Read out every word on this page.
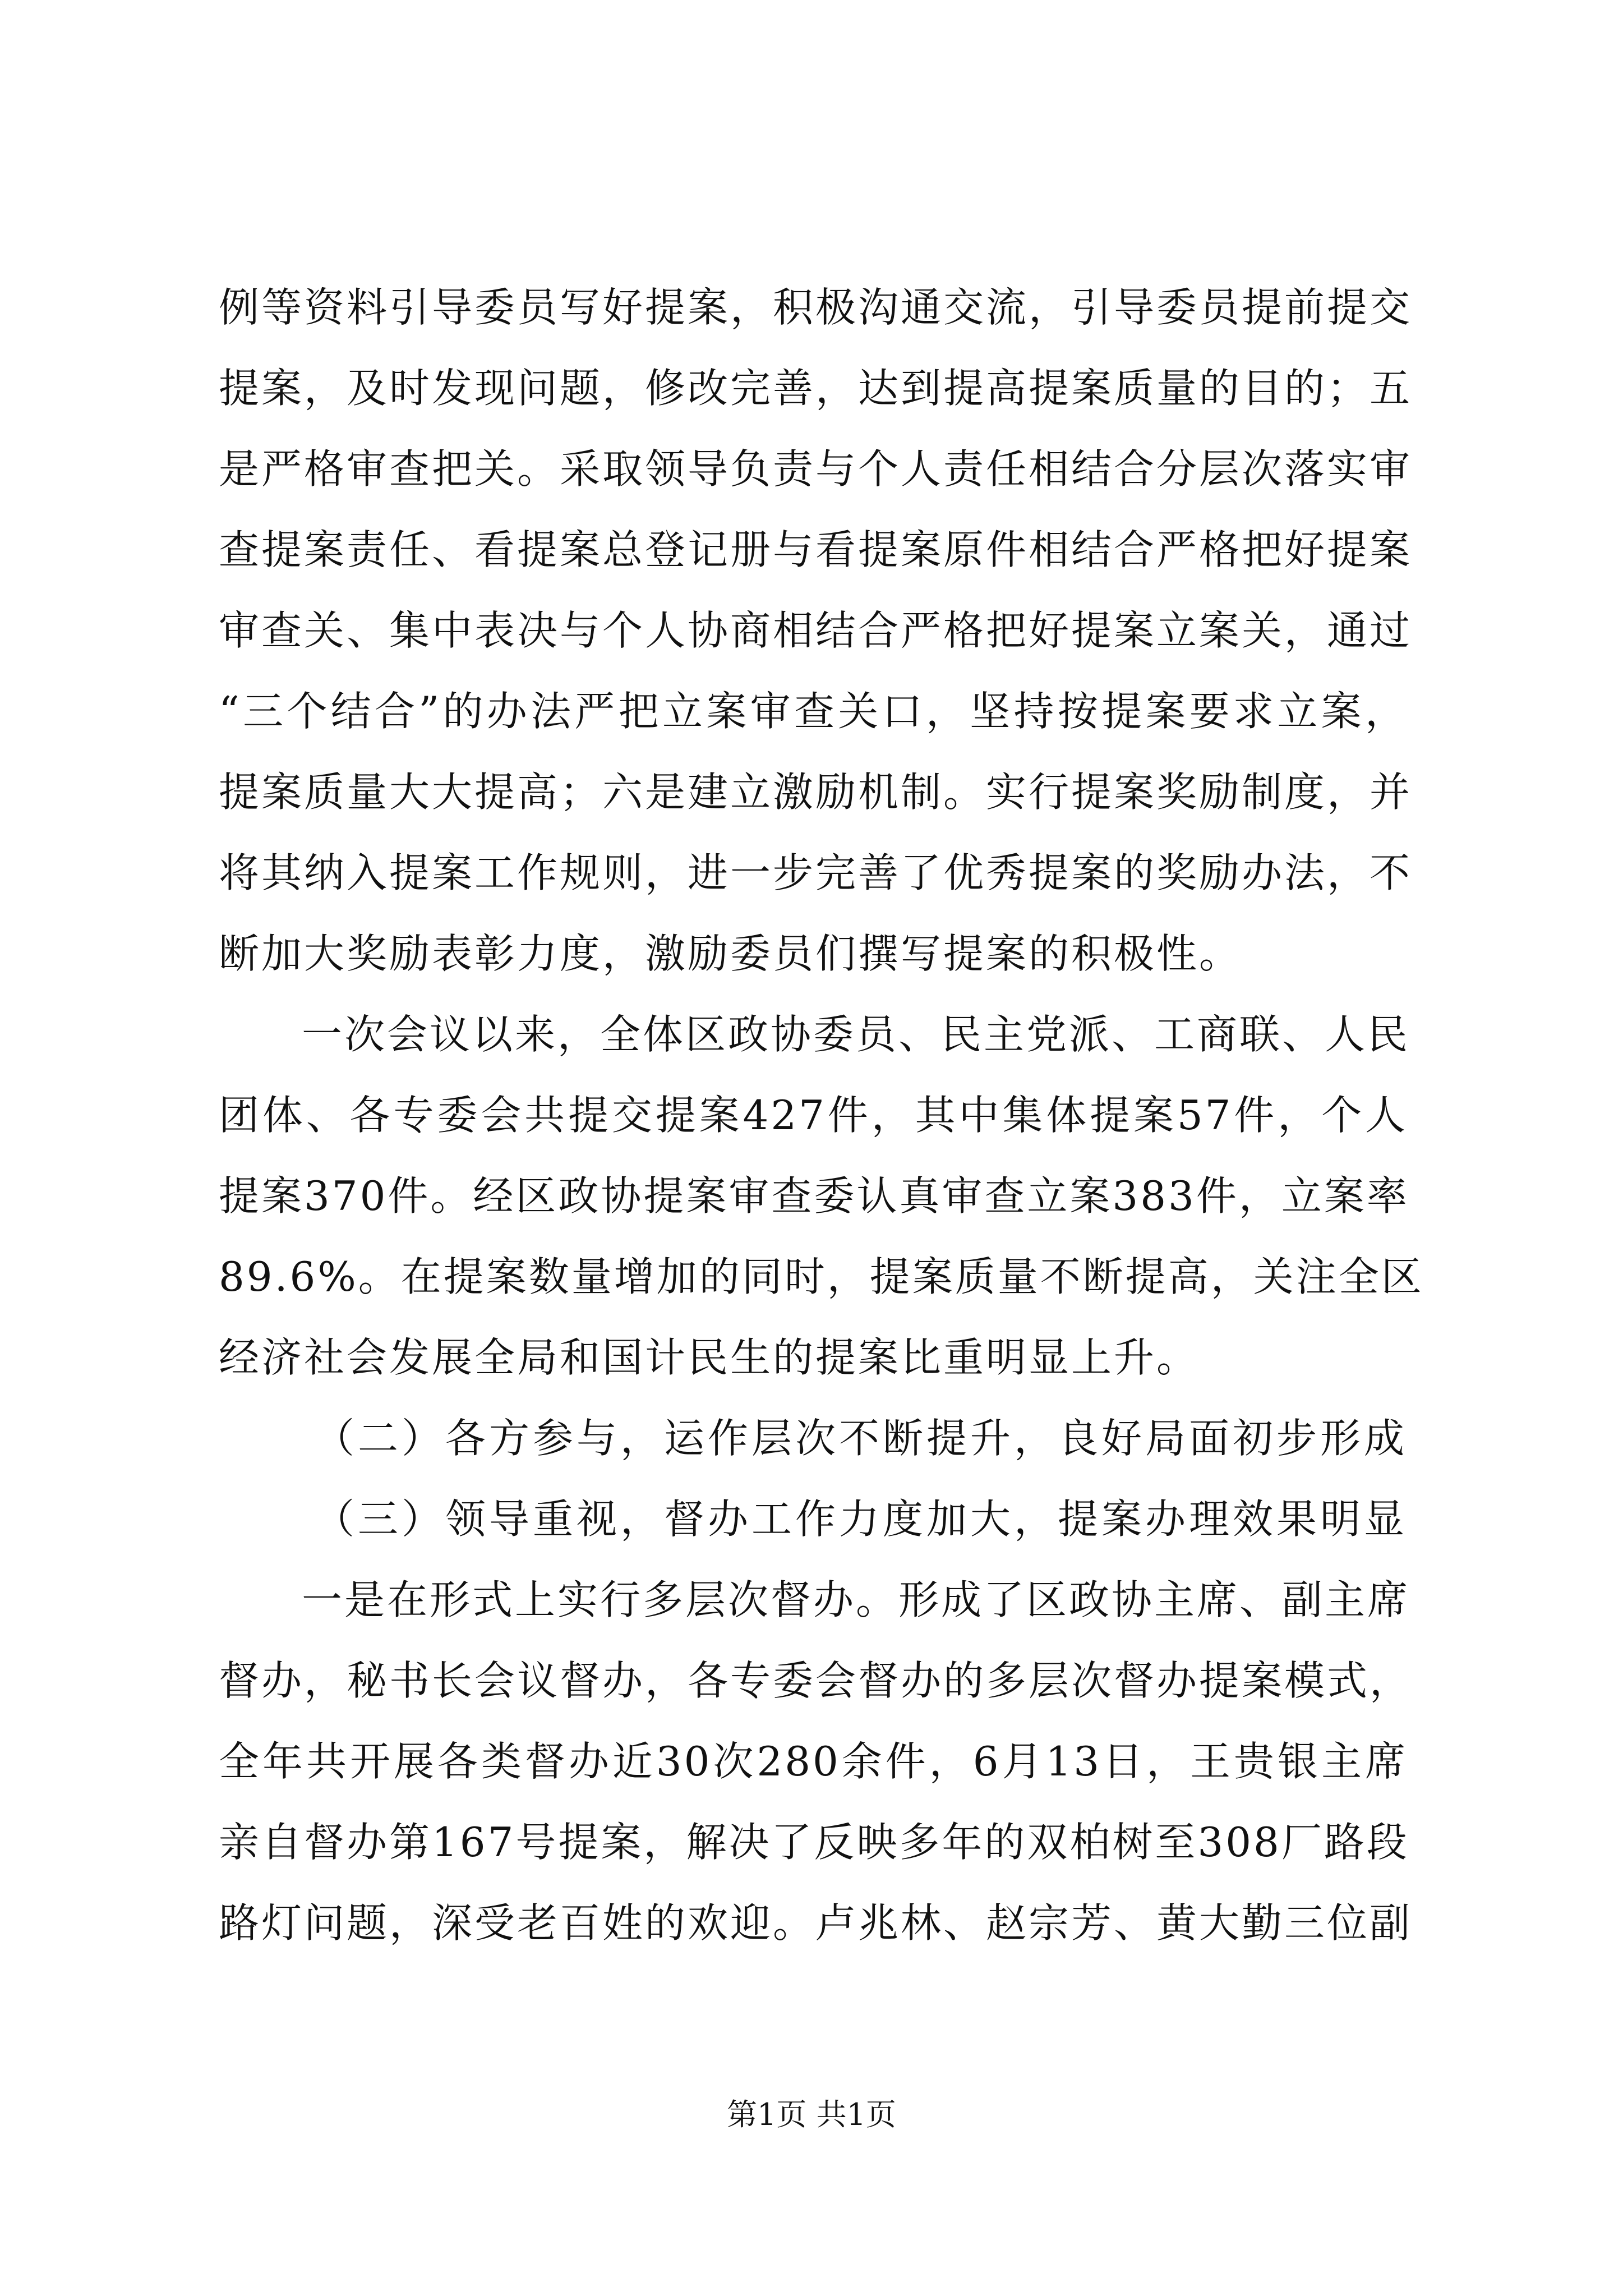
例等资料引导委员写好提案，积极沟通交流，引导委员提前提交
提案，及时发现问题，修改完善，达到提高提案质量的目的；五
是严格审查把关。采取领导负责与个人责任相结合分层次落实审
查提案责任、看提案总登记册与看提案原件相结合严格把好提案
审查关、集中表决与个人协商相结合严格把好提案立案关，通过
“三个结合”的办法严把立案审查关口，坚持按提案要求立案，
提案质量大大提高；六是建立激励机制。实行提案奖励制度，并
将其纳入提案工作规则，进一步完善了优秀提案的奖励办法，不
断加大奖励表彰力度，激励委员们撰写提案的积极性。
一次会议以来，全体区政协委员、民主党派、工商联、人民
团体、各专委会共提交提案427件，其中集体提案57件，个人
提案370件。经区政协提案审查委认真审查立案383件，立案率
89.6%。在提案数量增加的同时，提案质量不断提高，关注全区
经济社会发展全局和国计民生的提案比重明显上升。
（二）各方参与，运作层次不断提升，良好局面初步形成
（三）领导重视，督办工作力度加大，提案办理效果明显
一是在形式上实行多层次督办。形成了区政协主席、副主席
督办，秘书长会议督办，各专委会督办的多层次督办提案模式，
全年共开展各类督办近30次280余件，6月13日，王贵银主席
亲自督办第167号提案，解决了反映多年的双柏树至308厂路段
路灯问题，深受老百姓的欢迎。卢兆林、赵宗芳、黄大勤三位副
第1页 共1页
